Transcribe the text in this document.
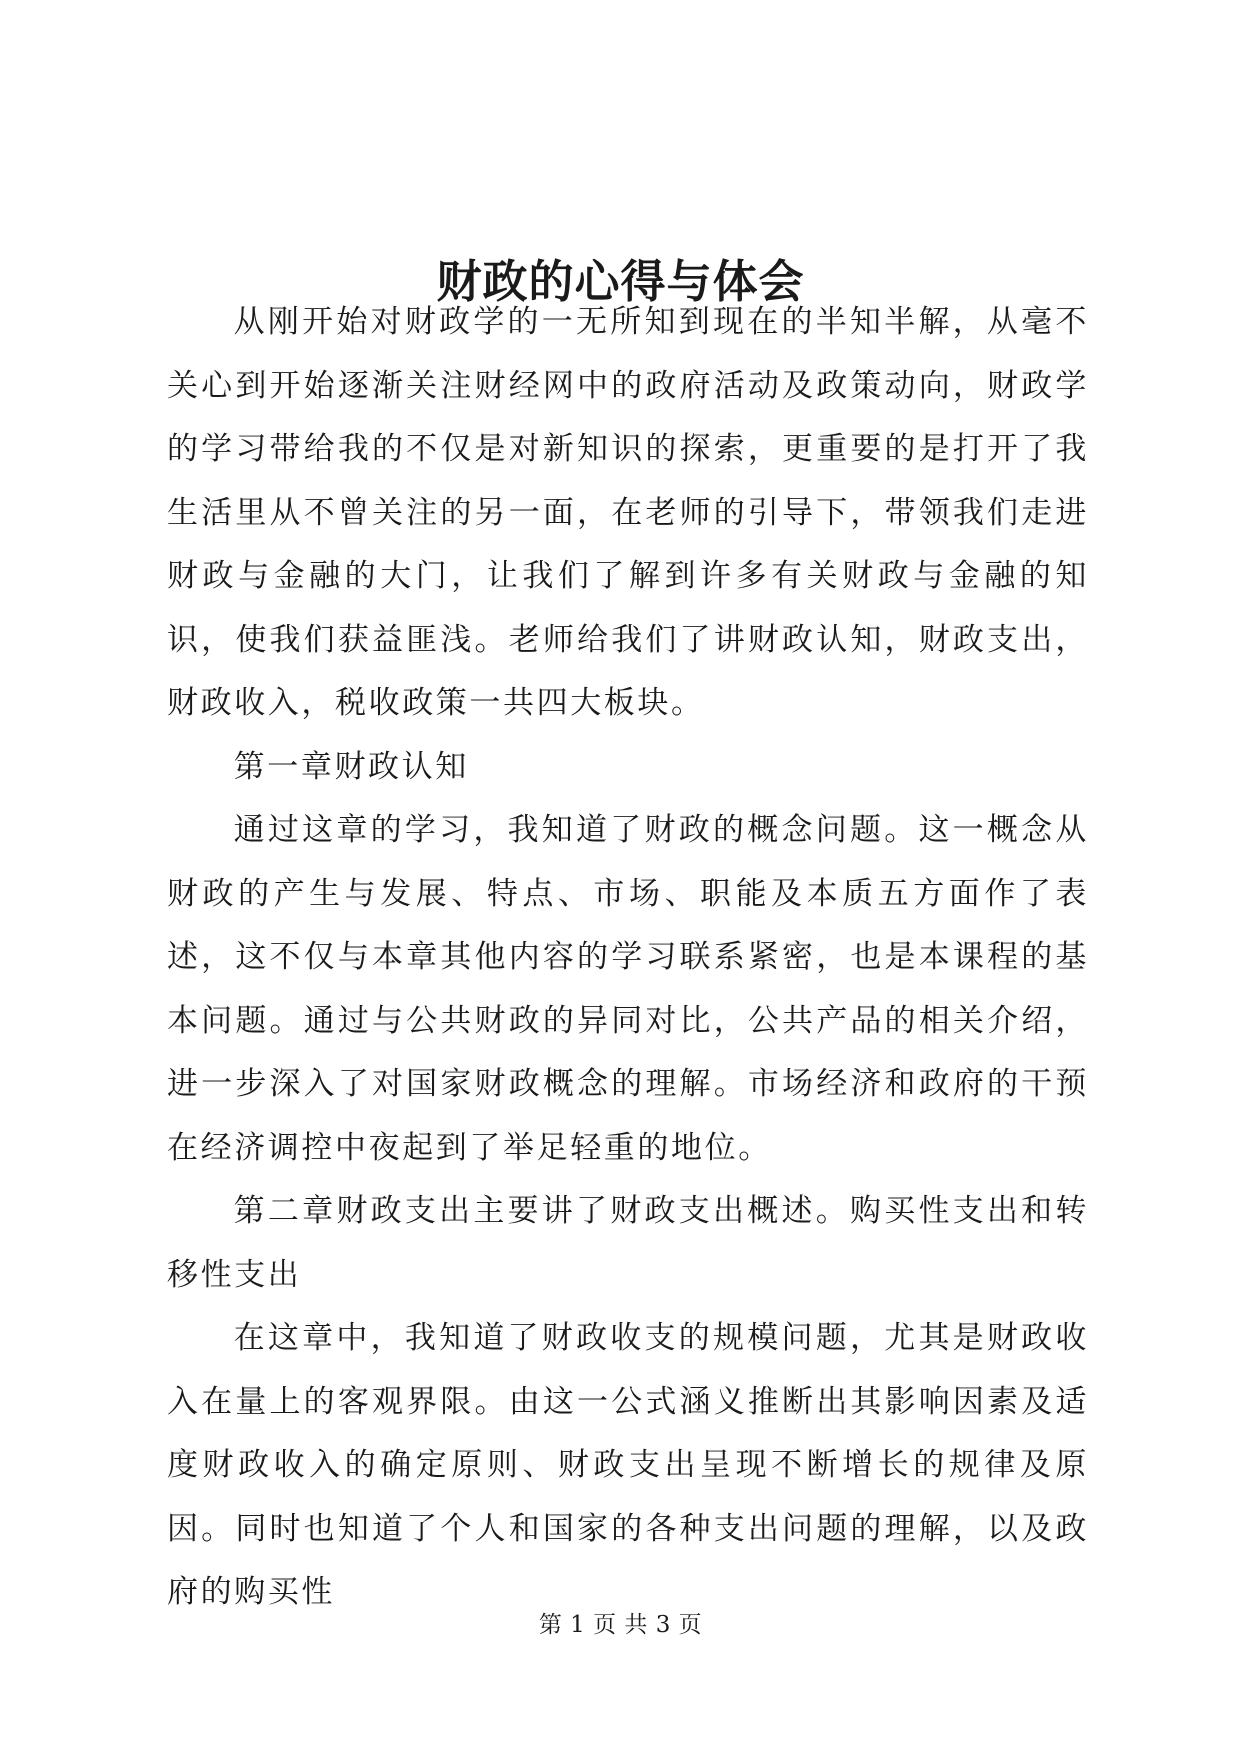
财政的心得与体会

从刚开始对财政学的一无所知到现在的半知半解，从毫不关心到开始逐渐关注财经网中的政府活动及政策动向，财政学的学习带给我的不仅是对新知识的探索，更重要的是打开了我生活里从不曾关注的另一面，在老师的引导下，带领我们走进财政与金融的大门，让我们了解到许多有关财政与金融的知识，使我们获益匪浅。老师给我们了讲财政认知，财政支出，财政收入，税收政策一共四大板块。

第一章财政认知

通过这章的学习，我知道了财政的概念问题。这一概念从财政的产生与发展、特点、市场、职能及本质五方面作了表述，这不仅与本章其他内容的学习联系紧密，也是本课程的基本问题。通过与公共财政的异同对比，公共产品的相关介绍，进一步深入了对国家财政概念的理解。市场经济和政府的干预在经济调控中夜起到了举足轻重的地位。

第二章财政支出主要讲了财政支出概述。购买性支出和转移性支出

在这章中，我知道了财政收支的规模问题，尤其是财政收入在量上的客观界限。由这一公式涵义推断出其影响因素及适度财政收入的确定原则、财政支出呈现不断增长的规律及原因。同时也知道了个人和国家的各种支出问题的理解，以及政府的购买性

第 1 页 共 3 页
